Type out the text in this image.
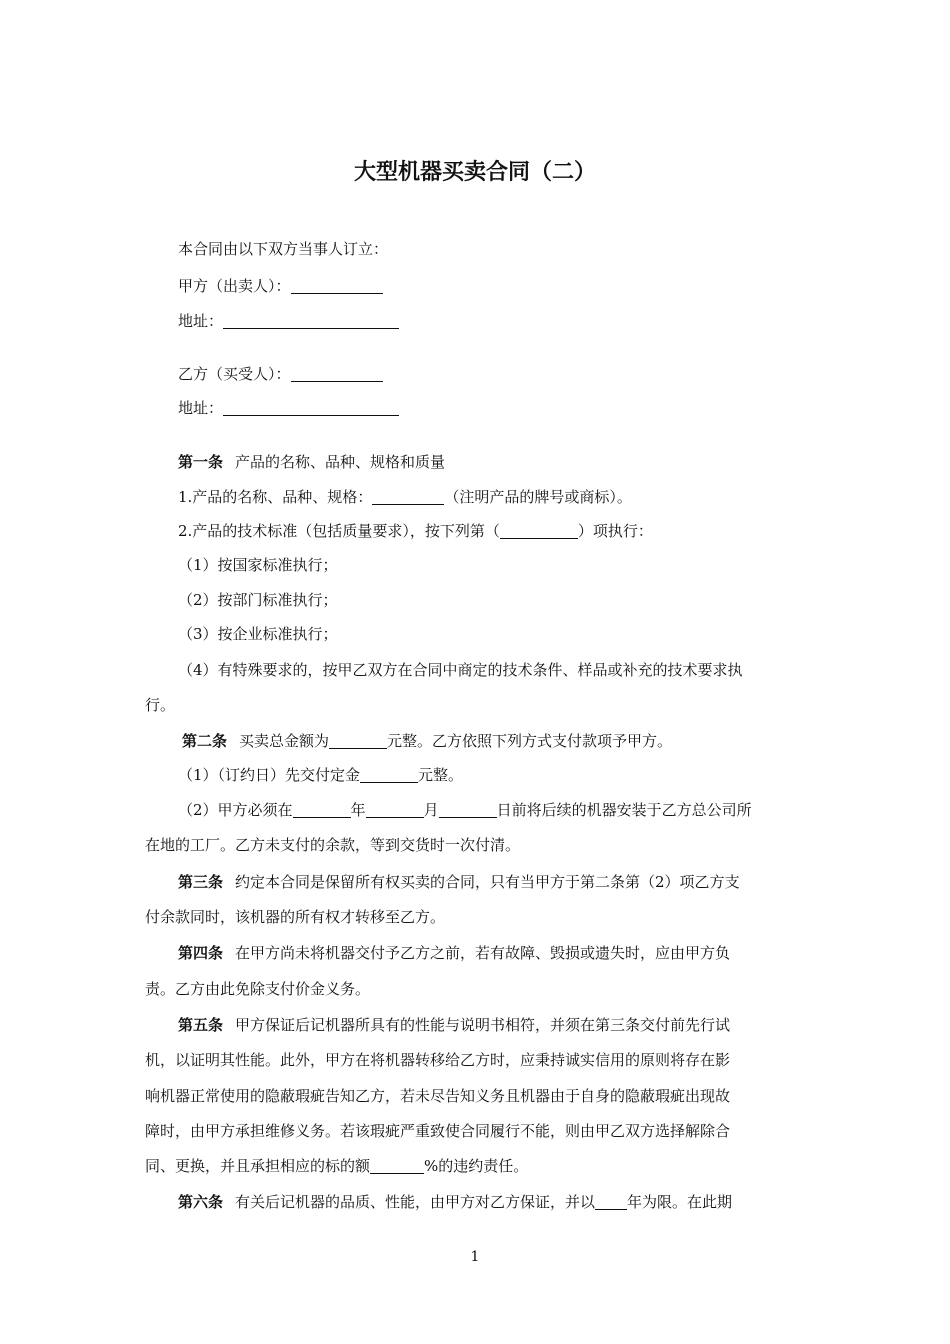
大型机器买卖合同（二）
本合同由以下双方当事人订立：
甲方（出卖人）：
地址：
乙方（买受人）：
地址：
第一条 产品的名称、品种、规格和质量
1.产品的名称、品种、规格：	（注明产品的牌号或商标）。
2.产品的技术标准（包括质量要求），按下列第（	）项执行：
（1）按国家标准执行；
（2）按部门标准执行；
（3）按企业标准执行；
（4）有特殊要求的，按甲乙双方在合同中商定的技术条件、样品或补充的技术要求执
行。
第二条 买卖总金额为	元整。乙方依照下列方式支付款项予甲方。
（1）（订约日）先交付定金	元整。
（2）甲方必须在	年	月	日前将后续的机器安装于乙方总公司所
在地的工厂。乙方未支付的余款，等到交货时一次付清。
第三条 约定本合同是保留所有权买卖的合同，只有当甲方于第二条第（2）项乙方支
付余款同时，该机器的所有权才转移至乙方。
第四条 在甲方尚未将机器交付予乙方之前，若有故障、毁损或遗失时，应由甲方负
责。乙方由此免除支付价金义务。
第五条 甲方保证后记机器所具有的性能与说明书相符，并须在第三条交付前先行试
机，以证明其性能。此外，甲方在将机器转移给乙方时，应秉持诚实信用的原则将存在影
响机器正常使用的隐蔽瑕疵告知乙方，若未尽告知义务且机器由于自身的隐蔽瑕疵出现故
障时，由甲方承担维修义务。若该瑕疵严重致使合同履行不能，则由甲乙双方选择解除合
同、更换，并且承担相应的标的额	%的违约责任。
第六条 有关后记机器的品质、性能，由甲方对乙方保证，并以 年为限。在此期
1
